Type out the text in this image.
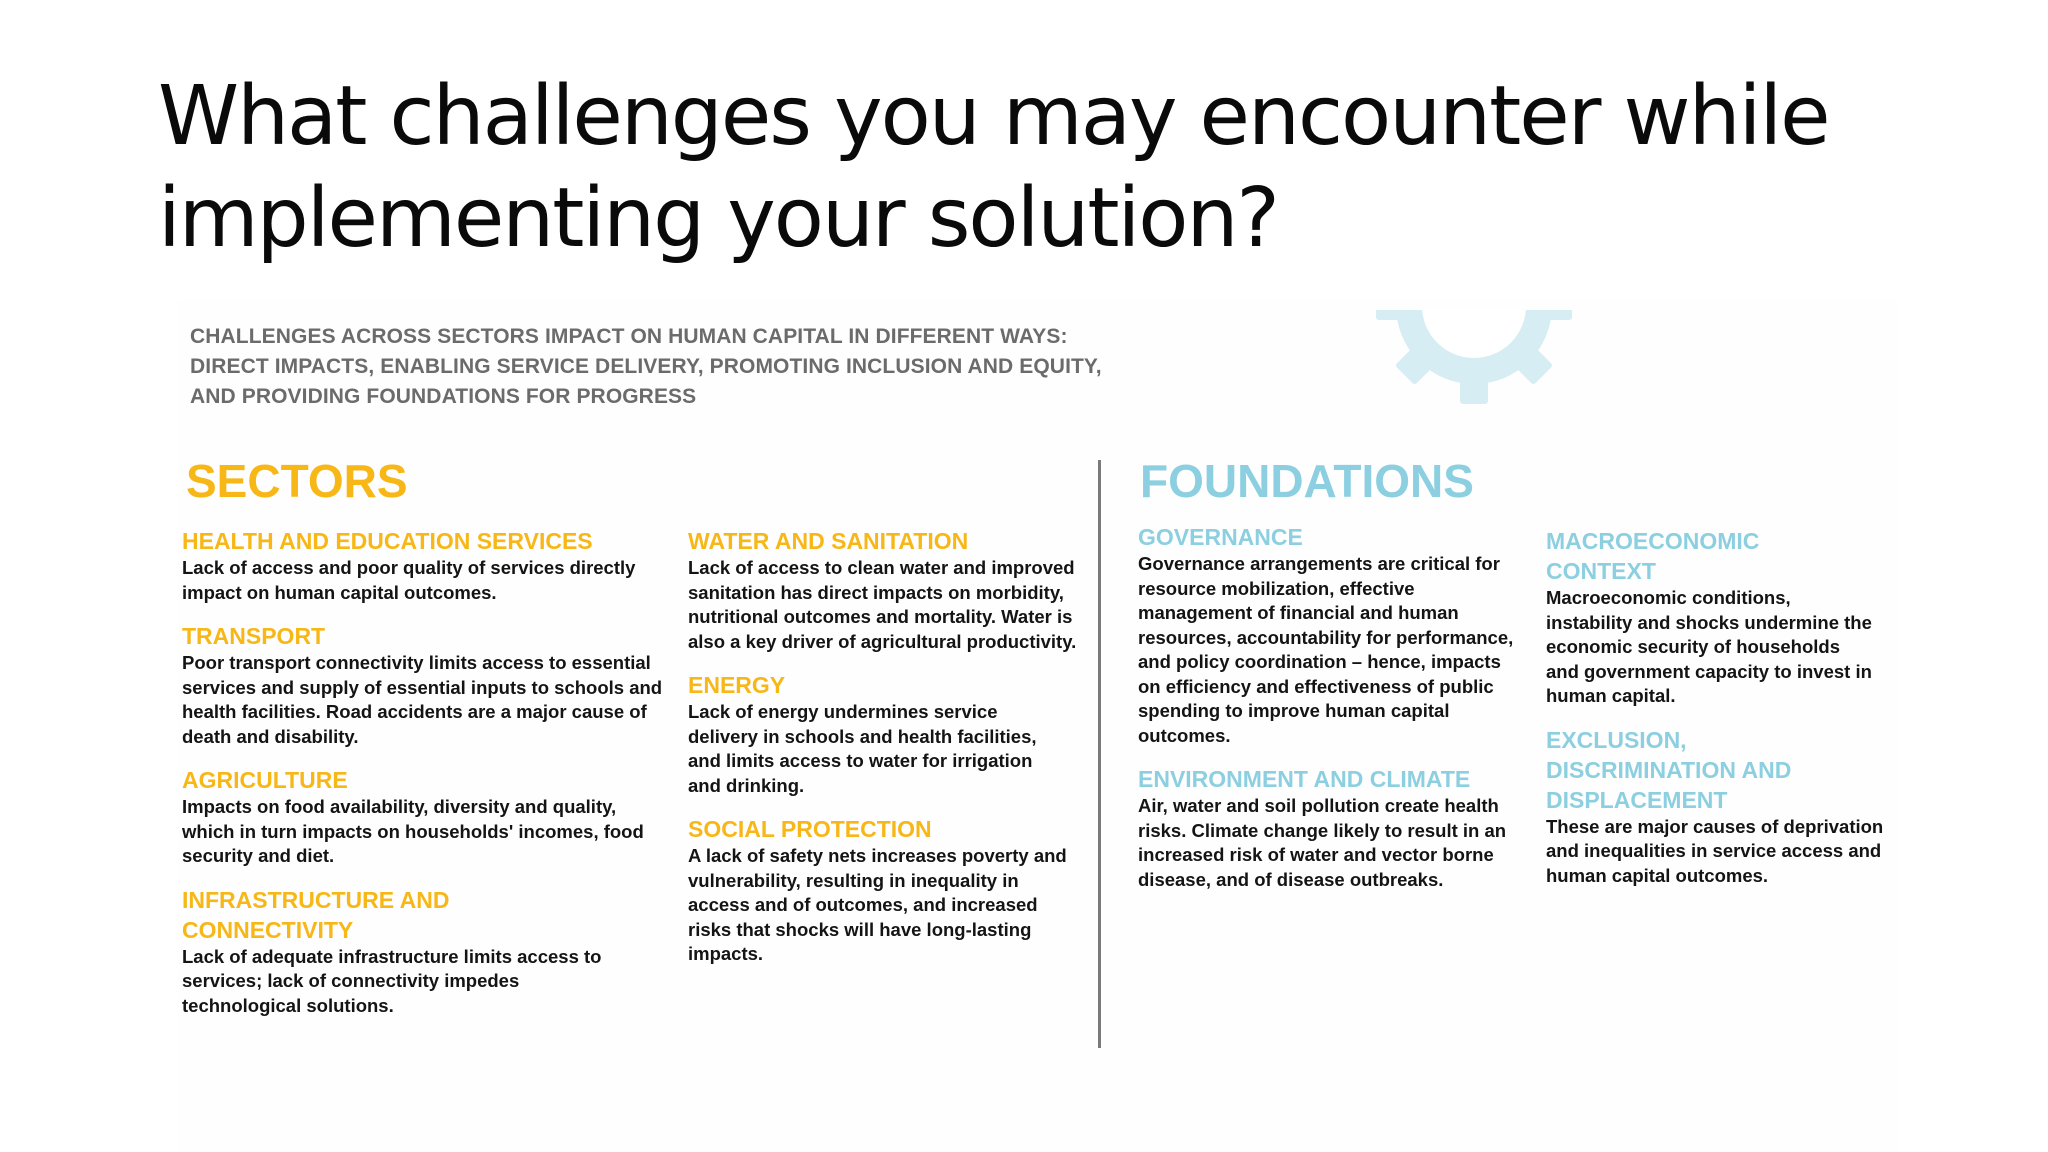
What challenges you may encounter while implementing your solution?

CHALLENGES ACROSS SECTORS IMPACT ON HUMAN CAPITAL IN DIFFERENT WAYS: DIRECT IMPACTS, ENABLING SERVICE DELIVERY, PROMOTING INCLUSION AND EQUITY, AND PROVIDING FOUNDATIONS FOR PROGRESS

SECTORS	FOUNDATIONS

HEALTH AND EDUCATION SERVICES

Lack of access and poor quality of services directly impact on human capital outcomes.

TRANSPORT

Poor transport connectivity limits access to essential services and supply of essential inputs to schools and health facilities. Road accidents are a major cause of death and disability.

AGRICULTURE

Impacts on food availability, diversity and quality, which in turn impacts on households' incomes, food security and diet.

INFRASTRUCTURE AND CONNECTIVITY

Lack of adequate infrastructure limits access to services; lack of connectivity impedes technological solutions.

WATER AND SANITATION

Lack of access to clean water and improved sanitation has direct impacts on morbidity, nutritional outcomes and mortality. Water is also a key driver of agricultural productivity.

ENERGY

Lack of energy undermines service delivery in schools and health facilities, and limits access to water for irrigation and drinking.

SOCIAL PROTECTION

A lack of safety nets increases poverty and vulnerability, resulting in inequality in access and of outcomes, and increased risks that shocks will have long-lasting impacts.

GOVERNANCE

Governance arrangements are critical for resource mobilization, effective management of financial and human resources, accountability for performance, and policy coordination – hence, impacts on efficiency and effectiveness of public spending to improve human capital outcomes.

ENVIRONMENT AND CLIMATE

Air, water and soil pollution create health risks. Climate change likely to result in an increased risk of water and vector borne disease, and of disease outbreaks.

MACROECONOMIC CONTEXT

Macroeconomic conditions, instability and shocks undermine the economic security of households and government capacity to invest in human capital.

EXCLUSION, DISCRIMINATION AND DISPLACEMENT

These are major causes of deprivation and inequalities in service access and human capital outcomes.
